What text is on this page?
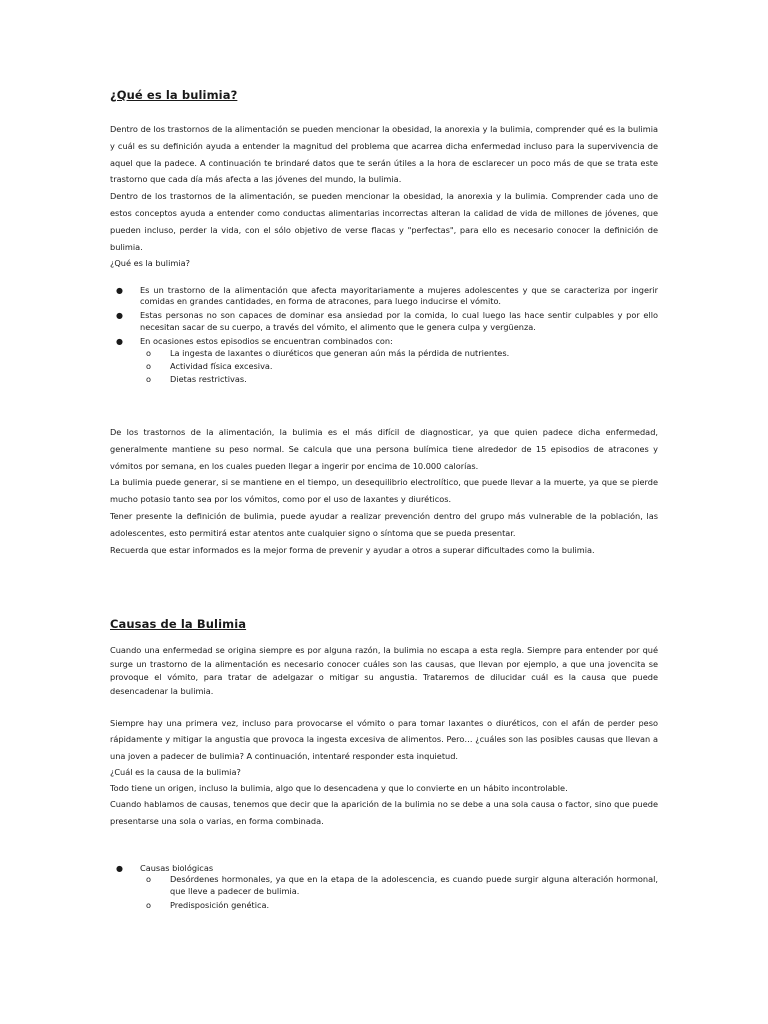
¿Qué es la bulimia?

Dentro de los trastornos de la alimentación se pueden mencionar la obesidad, la anorexia y la bulimia, comprender qué es la bulimia y cuál es su definición ayuda a entender la magnitud del problema que acarrea dicha enfermedad incluso para la supervivencia de aquel que la padece. A continuación te brindaré datos que te serán útiles a la hora de esclarecer un poco más de que se trata este trastorno que cada día más afecta a las jóvenes del mundo, la bulimia.

Dentro de los trastornos de la alimentación, se pueden mencionar la obesidad, la anorexia y la bulimia. Comprender cada uno de estos conceptos ayuda a entender como conductas alimentarias incorrectas alteran la calidad de vida de millones de jóvenes, que pueden incluso, perder la vida, con el sólo objetivo de verse flacas y "perfectas", para ello es necesario conocer la definición de bulimia.

¿Qué es la bulimia?

● Es un trastorno de la alimentación que afecta mayoritariamente a mujeres adolescentes y que se caracteriza por ingerir comidas en grandes cantidades, en forma de atracones, para luego inducirse el vómito.
● Estas personas no son capaces de dominar esa ansiedad por la comida, lo cual luego las hace sentir culpables y por ello necesitan sacar de su cuerpo, a través del vómito, el alimento que le genera culpa y vergüenza.
● En ocasiones estos episodios se encuentran combinados con:
o La ingesta de laxantes o diuréticos que generan aún más la pérdida de nutrientes.
o Actividad física excesiva.
o Dietas restrictivas.

De los trastornos de la alimentación, la bulimia es el más difícil de diagnosticar, ya que quien padece dicha enfermedad, generalmente mantiene su peso normal. Se calcula que una persona bulímica tiene alrededor de 15 episodios de atracones y vómitos por semana, en los cuales pueden llegar a ingerir por encima de 10.000 calorías.

La bulimia puede generar, si se mantiene en el tiempo, un desequilibrio electrolítico, que puede llevar a la muerte, ya que se pierde mucho potasio tanto sea por los vómitos, como por el uso de laxantes y diuréticos.

Tener presente la definición de bulimia, puede ayudar a realizar prevención dentro del grupo más vulnerable de la población, las adolescentes, esto permitirá estar atentos ante cualquier signo o síntoma que se pueda presentar.

Recuerda que estar informados es la mejor forma de prevenir y ayudar a otros a superar dificultades como la bulimia.

Causas de la Bulimia

Cuando una enfermedad se origina siempre es por alguna razón, la bulimia no escapa a esta regla. Siempre para entender por qué surge un trastorno de la alimentación es necesario conocer cuáles son las causas, que llevan por ejemplo, a que una jovencita se provoque el vómito, para tratar de adelgazar o mitigar su angustia. Trataremos de dilucidar cuál es la causa que puede desencadenar la bulimia.

Siempre hay una primera vez, incluso para provocarse el vómito o para tomar laxantes o diuréticos, con el afán de perder peso rápidamente y mitigar la angustia que provoca la ingesta excesiva de alimentos. Pero… ¿cuáles son las posibles causas que llevan a una joven a padecer de bulimia? A continuación, intentaré responder esta inquietud.

¿Cuál es la causa de la bulimia?

Todo tiene un origen, incluso la bulimia, algo que lo desencadena y que lo convierte en un hábito incontrolable.

Cuando hablamos de causas, tenemos que decir que la aparición de la bulimia no se debe a una sola causa o factor, sino que puede presentarse una sola o varias, en forma combinada.

● Causas biológicas
o Desórdenes hormonales, ya que en la etapa de la adolescencia, es cuando puede surgir alguna alteración hormonal, que lleve a padecer de bulimia.
o Predisposición genética.
